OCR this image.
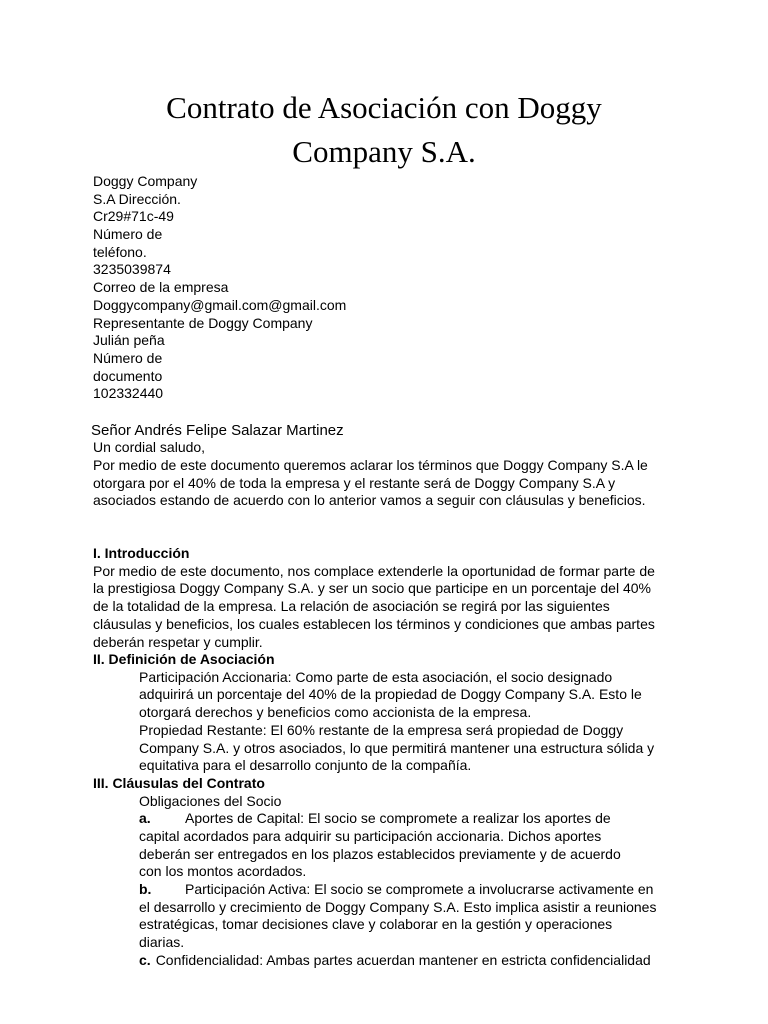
Contrato de Asociación con Doggy
Company S.A.
Doggy Company
S.A Dirección.
Cr29#71c-49
Número de
teléfono.
3235039874
Correo de la empresa
Doggycompany@gmail.com@gmail.com
Representante de Doggy Company
Julián peña
Número de
documento
102332440
Señor Andrés Felipe Salazar Martinez
Un cordial saludo,
Por medio de este documento queremos aclarar los términos que Doggy Company S.A le
otorgara por el 40% de toda la empresa y el restante será de Doggy Company S.A y
asociados estando de acuerdo con lo anterior vamos a seguir con cláusulas y beneficios.
I. Introducción
Por medio de este documento, nos complace extenderle la oportunidad de formar parte de
la prestigiosa Doggy Company S.A. y ser un socio que participe en un porcentaje del 40%
de la totalidad de la empresa. La relación de asociación se regirá por las siguientes
cláusulas y beneficios, los cuales establecen los términos y condiciones que ambas partes
deberán respetar y cumplir.
II. Definición de Asociación
Participación Accionaria: Como parte de esta asociación, el socio designado
adquirirá un porcentaje del 40% de la propiedad de Doggy Company S.A. Esto le
otorgará derechos y beneficios como accionista de la empresa.
Propiedad Restante: El 60% restante de la empresa será propiedad de Doggy
Company S.A. y otros asociados, lo que permitirá mantener una estructura sólida y
equitativa para el desarrollo conjunto de la compañía.
III. Cláusulas del Contrato
Obligaciones del Socio
a. Aportes de Capital: El socio se compromete a realizar los aportes de
capital acordados para adquirir su participación accionaria. Dichos aportes
deberán ser entregados en los plazos establecidos previamente y de acuerdo
con los montos acordados.
b. Participación Activa: El socio se compromete a involucrarse activamente en
el desarrollo y crecimiento de Doggy Company S.A. Esto implica asistir a reuniones
estratégicas, tomar decisiones clave y colaborar en la gestión y operaciones
diarias.
c. Confidencialidad: Ambas partes acuerdan mantener en estricta confidencialidad
